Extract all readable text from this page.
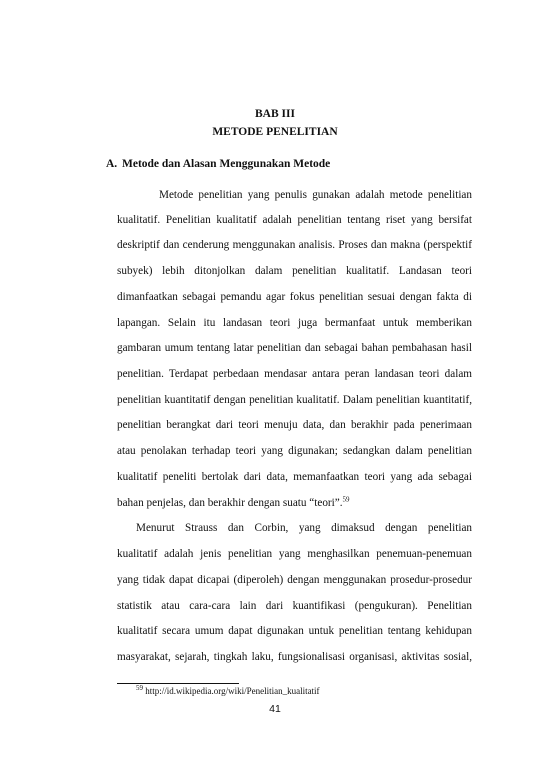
BAB III

METODE PENELITIAN

A. Metode dan Alasan Menggunakan Metode

Metode penelitian yang penulis gunakan adalah metode penelitian
kualitatif. Penelitian kualitatif adalah penelitian tentang riset yang bersifat
deskriptif dan cenderung menggunakan analisis. Proses dan makna (perspektif
subyek) lebih ditonjolkan dalam penelitian kualitatif. Landasan teori
dimanfaatkan sebagai pemandu agar fokus penelitian sesuai dengan fakta di
lapangan. Selain itu landasan teori juga bermanfaat untuk memberikan
gambaran umum tentang latar penelitian dan sebagai bahan pembahasan hasil
penelitian. Terdapat perbedaan mendasar antara peran landasan teori dalam
penelitian kuantitatif dengan penelitian kualitatif. Dalam penelitian kuantitatif,
penelitian berangkat dari teori menuju data, dan berakhir pada penerimaan
atau penolakan terhadap teori yang digunakan; sedangkan dalam penelitian
kualitatif peneliti bertolak dari data, memanfaatkan teori yang ada sebagai
bahan penjelas, dan berakhir dengan suatu “teori”.$^{59}$
Menurut Strauss dan Corbin, yang dimaksud dengan penelitian
kualitatif adalah jenis penelitian yang menghasilkan penemuan-penemuan
yang tidak dapat dicapai (diperoleh) dengan menggunakan prosedur-prosedur
statistik atau cara-cara lain dari kuantifikasi (pengukuran). Penelitian
kualitatif secara umum dapat digunakan untuk penelitian tentang kehidupan
masyarakat, sejarah, tingkah laku, fungsionalisasi organisasi, aktivitas sosial,
$^{59}$ http://id.wikipedia.org/wiki/Penelitian_kualitatif
41
